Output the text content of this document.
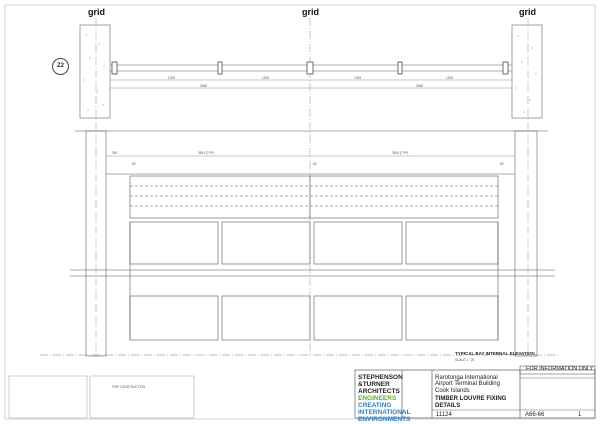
grid	grid	grid
Z2
1325	1325	1325	1325
2646	2646
300	3624 (TYP)	3624 (TYP)
60	60	60
TYPICAL BAY INTERNAL ELEVATION
SCALE 1 : 20
FOR CONSTRUCTION
STEPHENSON
&TURNER
ARCHITECTS
ENGINEERS
CREATING
INTERNATIONAL
ENVIRONMENTS
Rarotonga International
Airport Terminal Building
Cook Islands
TIMBER LOUVRE FIXING
DETAILS
FOR INFORMATION ONLY
11124	A66-66	1
